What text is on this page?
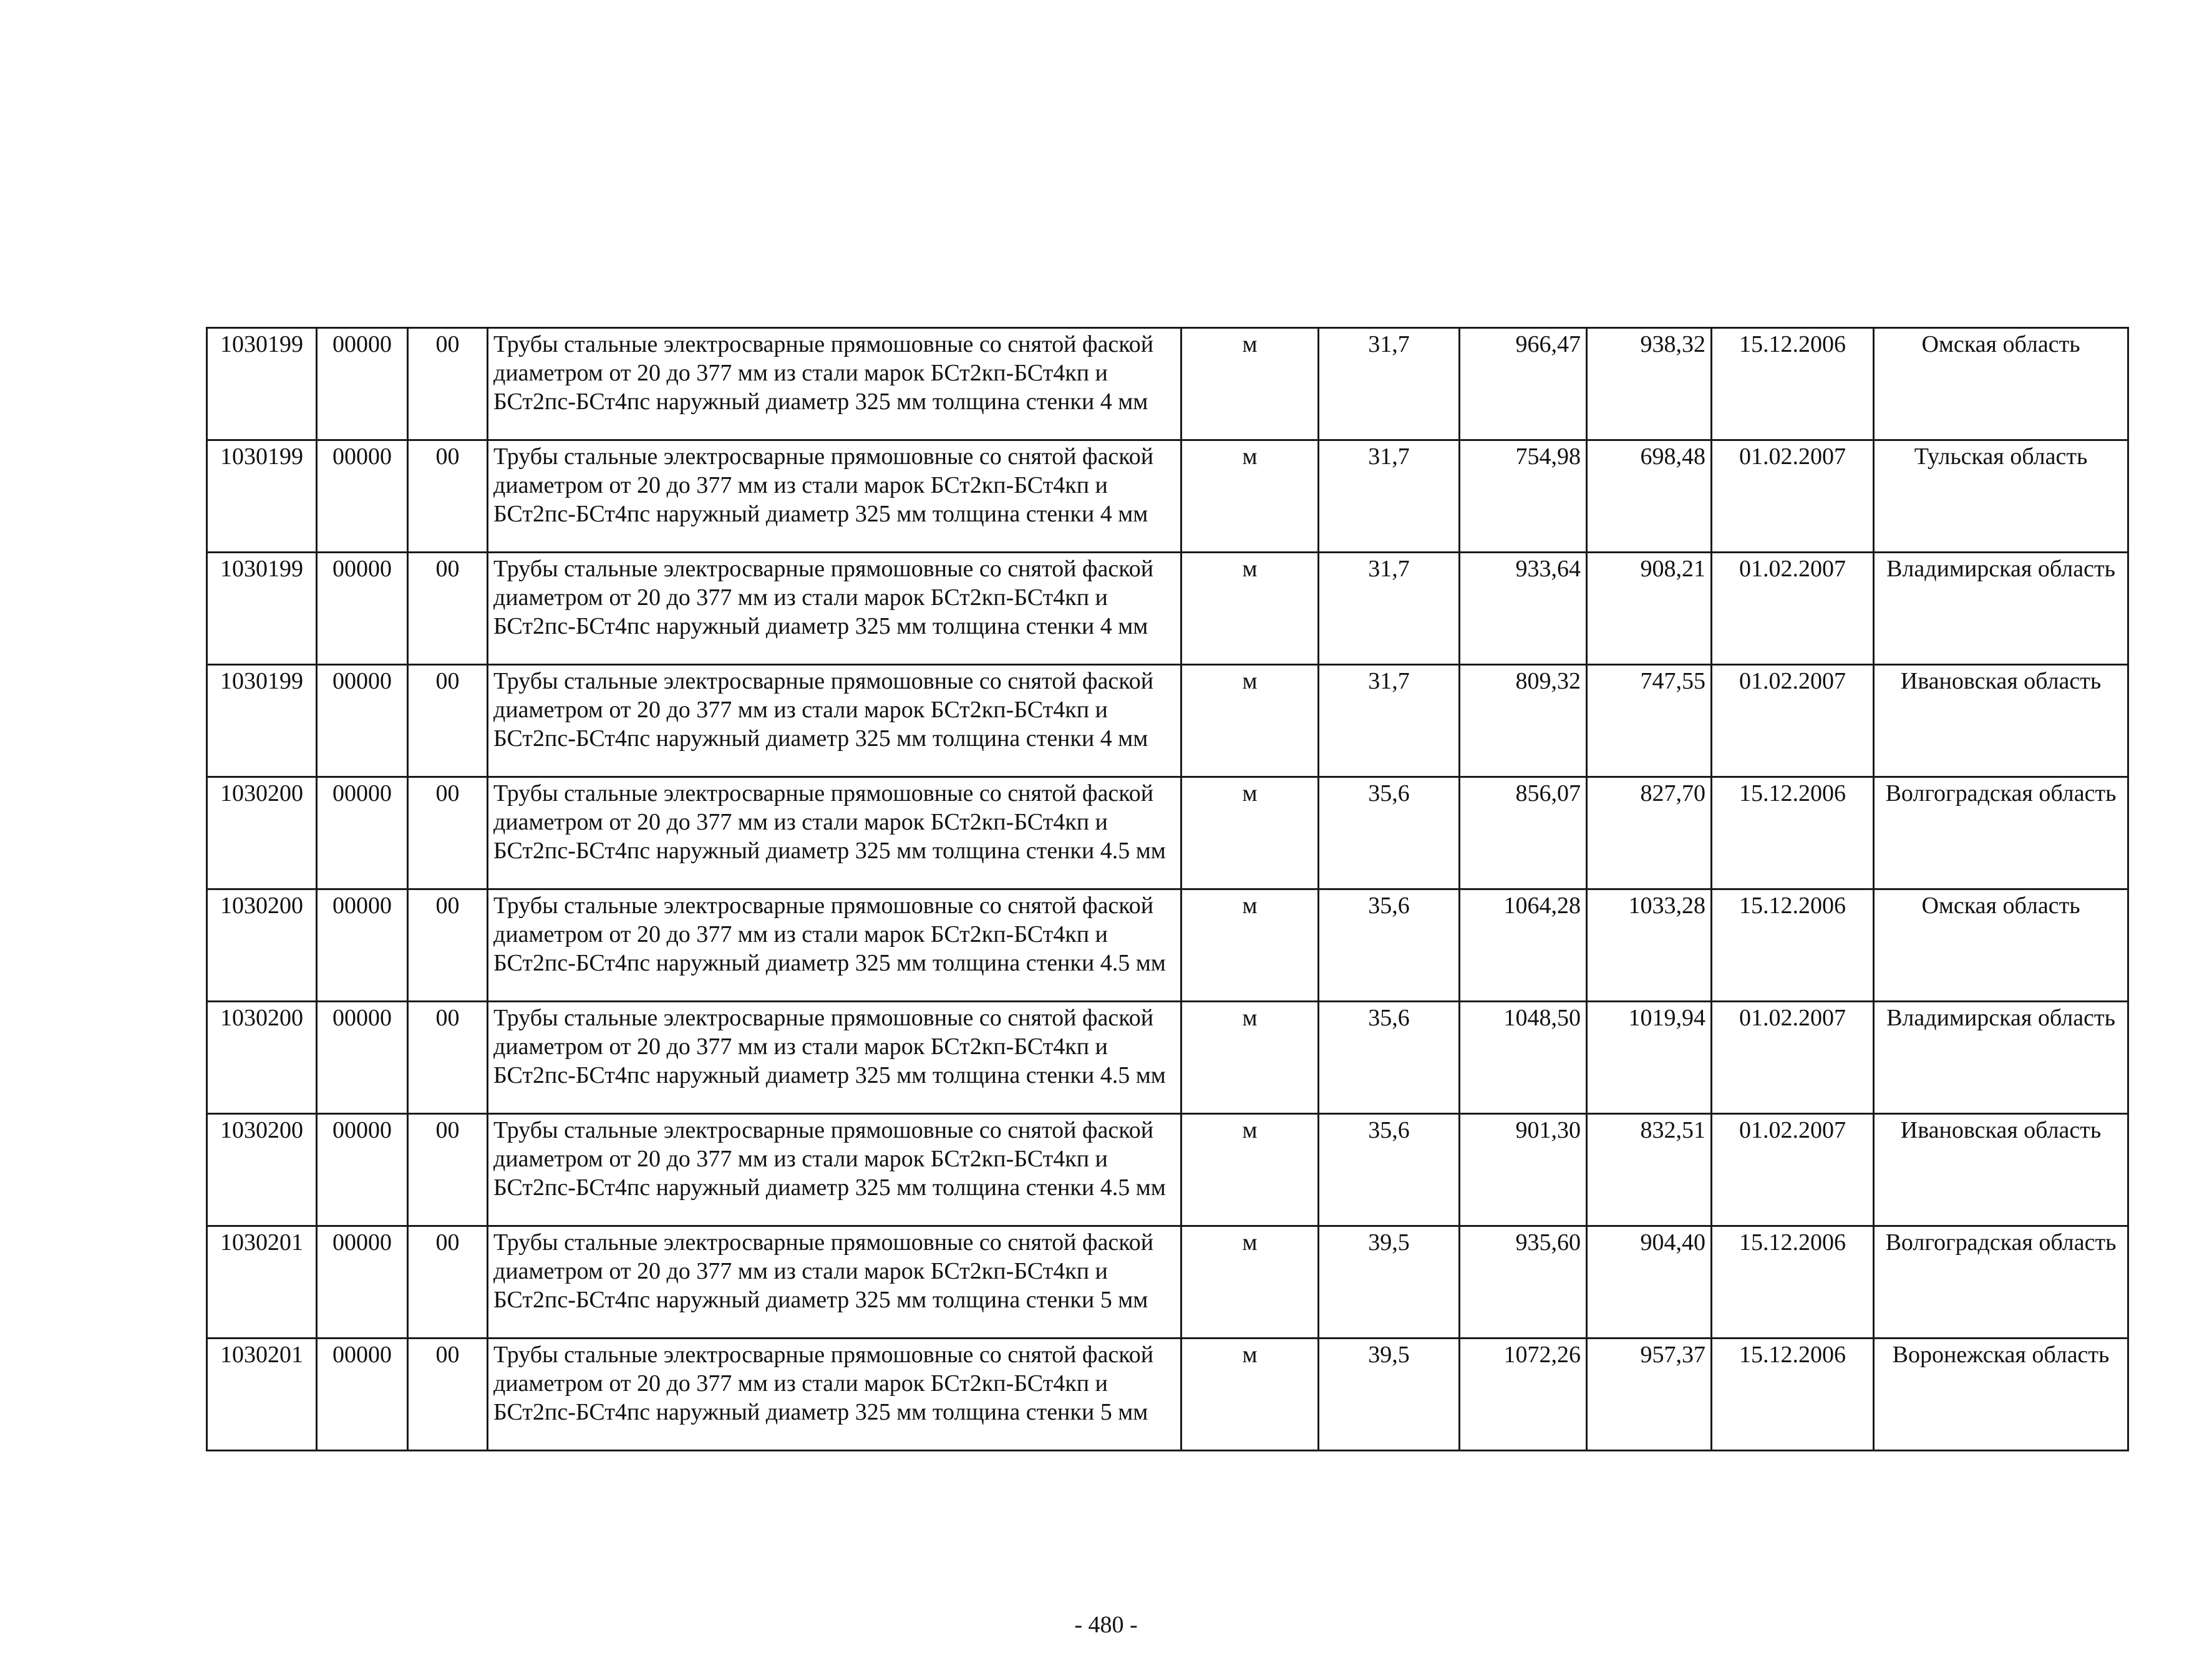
1030199	00000	00	Трубы стальные электросварные прямошовные со снятой фаской диаметром от 20 до 377 мм из стали марок БСт2кп-БСт4кп и БСт2пс-БСт4пс наружный диаметр 325 мм толщина стенки 4 мм	м	31,7	966,47	938,32	15.12.2006	Омская область
1030199	00000	00	Трубы стальные электросварные прямошовные со снятой фаской диаметром от 20 до 377 мм из стали марок БСт2кп-БСт4кп и БСт2пс-БСт4пс наружный диаметр 325 мм толщина стенки 4 мм	м	31,7	754,98	698,48	01.02.2007	Тульская область
1030199	00000	00	Трубы стальные электросварные прямошовные со снятой фаской диаметром от 20 до 377 мм из стали марок БСт2кп-БСт4кп и БСт2пс-БСт4пс наружный диаметр 325 мм толщина стенки 4 мм	м	31,7	933,64	908,21	01.02.2007	Владимирская область
1030199	00000	00	Трубы стальные электросварные прямошовные со снятой фаской диаметром от 20 до 377 мм из стали марок БСт2кп-БСт4кп и БСт2пс-БСт4пс наружный диаметр 325 мм толщина стенки 4 мм	м	31,7	809,32	747,55	01.02.2007	Ивановская область
1030200	00000	00	Трубы стальные электросварные прямошовные со снятой фаской диаметром от 20 до 377 мм из стали марок БСт2кп-БСт4кп и БСт2пс-БСт4пс наружный диаметр 325 мм толщина стенки 4.5 мм	м	35,6	856,07	827,70	15.12.2006	Волгоградская область
1030200	00000	00	Трубы стальные электросварные прямошовные со снятой фаской диаметром от 20 до 377 мм из стали марок БСт2кп-БСт4кп и БСт2пс-БСт4пс наружный диаметр 325 мм толщина стенки 4.5 мм	м	35,6	1064,28	1033,28	15.12.2006	Омская область
1030200	00000	00	Трубы стальные электросварные прямошовные со снятой фаской диаметром от 20 до 377 мм из стали марок БСт2кп-БСт4кп и БСт2пс-БСт4пс наружный диаметр 325 мм толщина стенки 4.5 мм	м	35,6	1048,50	1019,94	01.02.2007	Владимирская область
1030200	00000	00	Трубы стальные электросварные прямошовные со снятой фаской диаметром от 20 до 377 мм из стали марок БСт2кп-БСт4кп и БСт2пс-БСт4пс наружный диаметр 325 мм толщина стенки 4.5 мм	м	35,6	901,30	832,51	01.02.2007	Ивановская область
1030201	00000	00	Трубы стальные электросварные прямошовные со снятой фаской диаметром от 20 до 377 мм из стали марок БСт2кп-БСт4кп и БСт2пс-БСт4пс наружный диаметр 325 мм толщина стенки 5 мм	м	39,5	935,60	904,40	15.12.2006	Волгоградская область
1030201	00000	00	Трубы стальные электросварные прямошовные со снятой фаской диаметром от 20 до 377 мм из стали марок БСт2кп-БСт4кп и БСт2пс-БСт4пс наружный диаметр 325 мм толщина стенки 5 мм	м	39,5	1072,26	957,37	15.12.2006	Воронежская область
- 480 -
